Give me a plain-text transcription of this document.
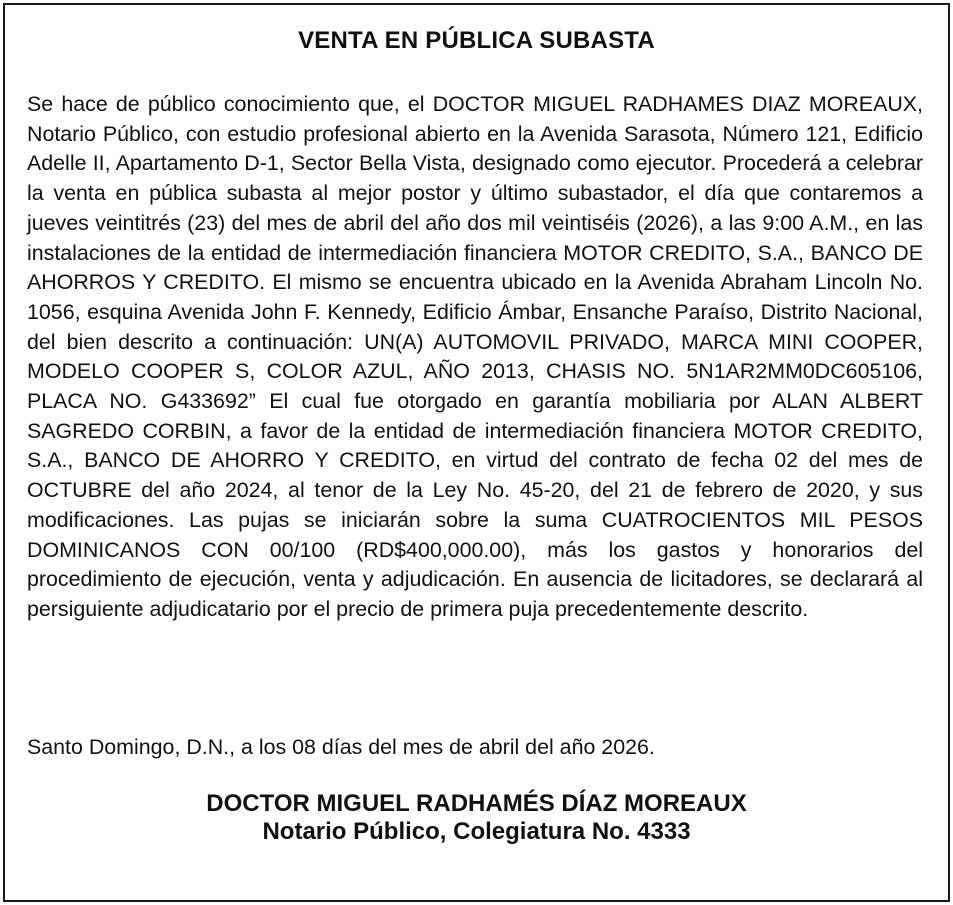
VENTA EN PÚBLICA SUBASTA

Se hace de público conocimiento que, el DOCTOR MIGUEL RADHAMES DIAZ MOREAUX, Notario Público, con estudio profesional abierto en la Avenida Sarasota, Número 121, Edificio Adelle II, Apartamento D-1, Sector Bella Vista, designado como ejecutor. Procederá a celebrar la venta en pública subasta al mejor postor y último subastador, el día que contaremos a jueves veintitrés (23) del mes de abril del año dos mil veintiséis (2026), a las 9:00 A.M., en las instalaciones de la entidad de intermediación financiera MOTOR CREDITO, S.A., BANCO DE AHORROS Y CREDITO. El mismo se encuentra ubicado en la Avenida Abraham Lincoln No. 1056, esquina Avenida John F. Kennedy, Edificio Ámbar, Ensanche Paraíso, Distrito Nacional, del bien descrito a continuación: UN(A) AUTOMOVIL PRIVADO, MARCA MINI COOPER, MODELO COOPER S, COLOR AZUL, AÑO 2013, CHASIS NO. 5N1AR2MM0DC605106, PLACA NO. G433692” El cual fue otorgado en garantía mobiliaria por ALAN ALBERT SAGREDO CORBIN, a favor de la entidad de intermediación financiera MOTOR CREDITO, S.A., BANCO DE AHORRO Y CREDITO, en virtud del contrato de fecha 02 del mes de OCTUBRE del año 2024, al tenor de la Ley No. 45-20, del 21 de febrero de 2020, y sus modificaciones. Las pujas se iniciarán sobre la suma CUATROCIENTOS MIL PESOS DOMINICANOS CON 00/100 (RD$400,000.00), más los gastos y honorarios del procedimiento de ejecución, venta y adjudicación. En ausencia de licitadores, se declarará al persiguiente adjudicatario por el precio de primera puja precedentemente descrito.

Santo Domingo, D.N., a los 08 días del mes de abril del año 2026.

DOCTOR MIGUEL RADHAMÉS DÍAZ MOREAUX
Notario Público, Colegiatura No. 4333
